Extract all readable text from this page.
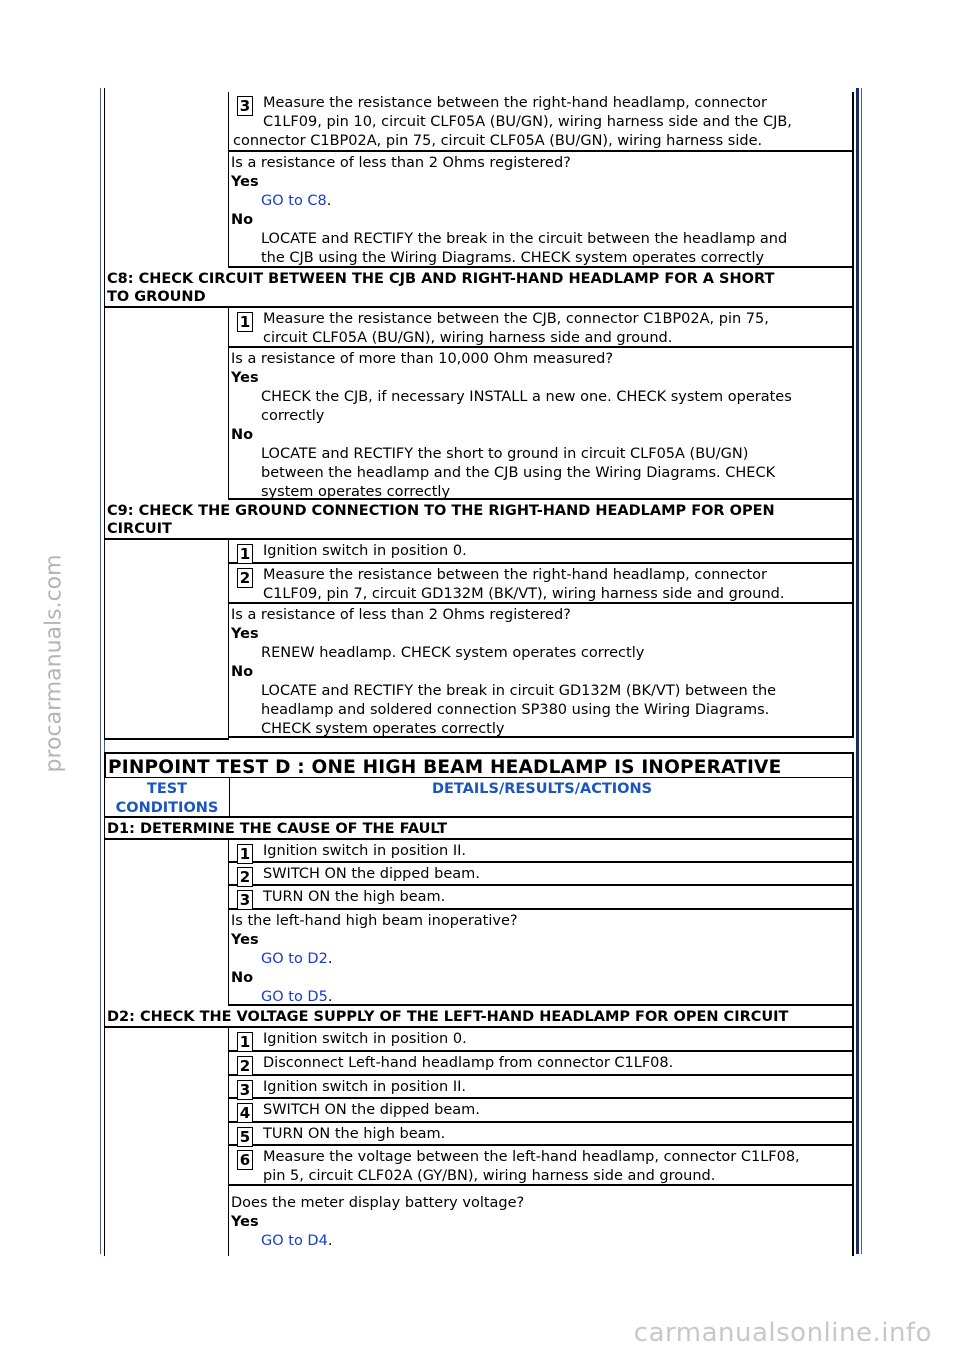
procarmanuals.com
carmanualsonline.info
3 Measure the resistance between the right-hand headlamp, connector
C1LF09, pin 10, circuit CLF05A (BU/GN), wiring harness side and the CJB,
connector C1BP02A, pin 75, circuit CLF05A (BU/GN), wiring harness side.
Is a resistance of less than 2 Ohms registered?
Yes
GO to C8.
No
LOCATE and RECTIFY the break in the circuit between the headlamp and
the CJB using the Wiring Diagrams. CHECK system operates correctly
C8: CHECK CIRCUIT BETWEEN THE CJB AND RIGHT-HAND HEADLAMP FOR A SHORT
TO GROUND
1 Measure the resistance between the CJB, connector C1BP02A, pin 75,
circuit CLF05A (BU/GN), wiring harness side and ground.
Is a resistance of more than 10,000 Ohm measured?
Yes
CHECK the CJB, if necessary INSTALL a new one. CHECK system operates
correctly
No
LOCATE and RECTIFY the short to ground in circuit CLF05A (BU/GN)
between the headlamp and the CJB using the Wiring Diagrams. CHECK
system operates correctly
C9: CHECK THE GROUND CONNECTION TO THE RIGHT-HAND HEADLAMP FOR OPEN
CIRCUIT
1 Ignition switch in position 0.
2 Measure the resistance between the right-hand headlamp, connector
C1LF09, pin 7, circuit GD132M (BK/VT), wiring harness side and ground.
Is a resistance of less than 2 Ohms registered?
Yes
RENEW headlamp. CHECK system operates correctly
No
LOCATE and RECTIFY the break in circuit GD132M (BK/VT) between the
headlamp and soldered connection SP380 using the Wiring Diagrams.
CHECK system operates correctly
PINPOINT TEST D : ONE HIGH BEAM HEADLAMP IS INOPERATIVE
TEST
CONDITIONS
DETAILS/RESULTS/ACTIONS
D1: DETERMINE THE CAUSE OF THE FAULT
1 Ignition switch in position II.
2 SWITCH ON the dipped beam.
3 TURN ON the high beam.
Is the left-hand high beam inoperative?
Yes
GO to D2.
No
GO to D5.
D2: CHECK THE VOLTAGE SUPPLY OF THE LEFT-HAND HEADLAMP FOR OPEN CIRCUIT
1 Ignition switch in position 0.
2 Disconnect Left-hand headlamp from connector C1LF08.
3 Ignition switch in position II.
4 SWITCH ON the dipped beam.
5 TURN ON the high beam.
6 Measure the voltage between the left-hand headlamp, connector C1LF08,
pin 5, circuit CLF02A (GY/BN), wiring harness side and ground.
Does the meter display battery voltage?
Yes
GO to D4.
